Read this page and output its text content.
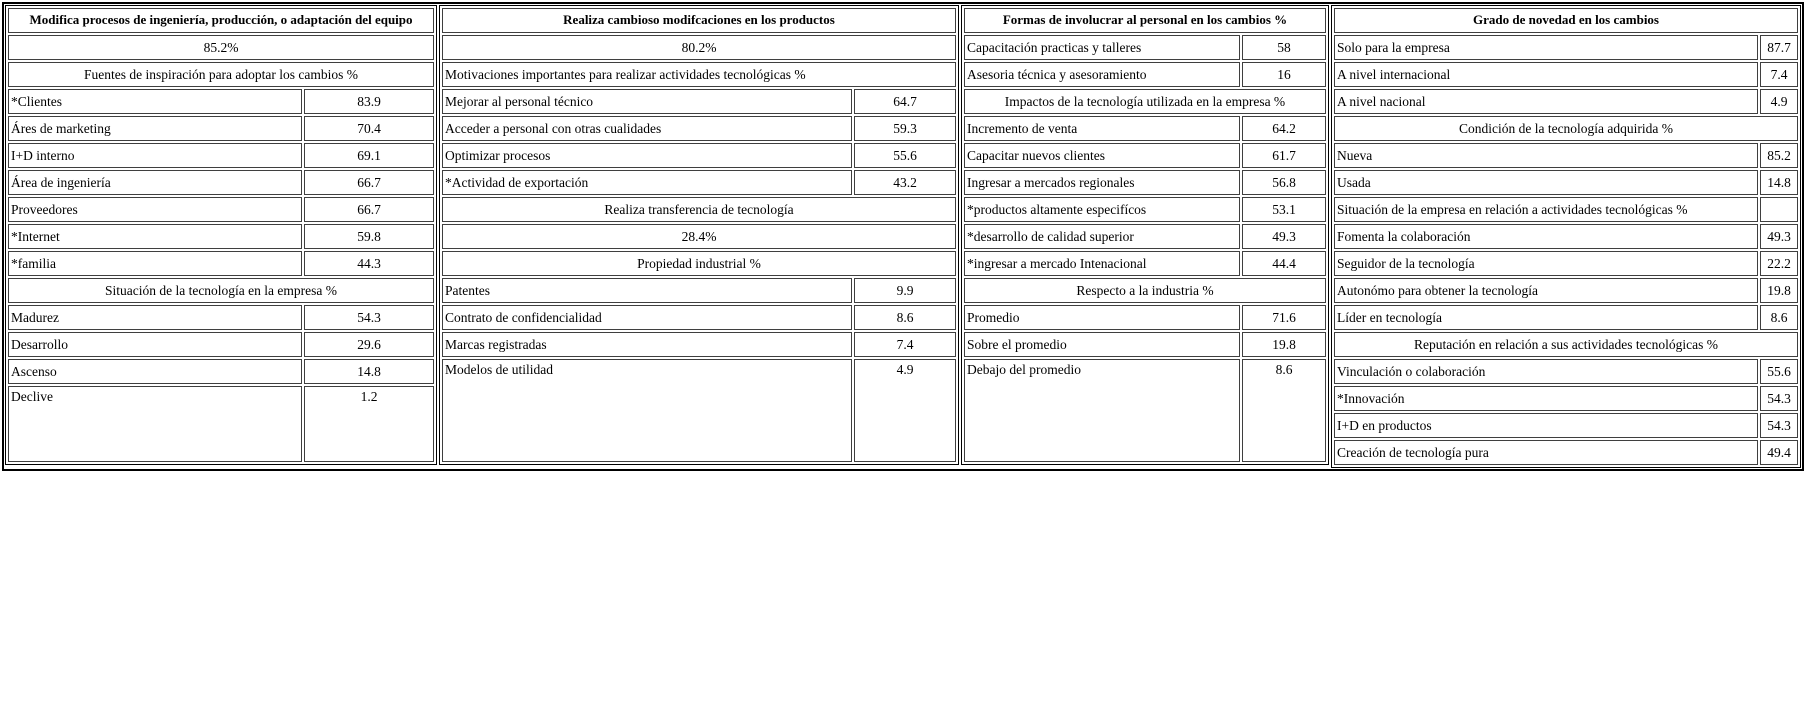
Modifica procesos de ingeniería, producción, o adaptación del equipo	
85.2%	
Fuentes de inspiración para adoptar los cambios %	
*Clientes	83.9
Áres de marketing	70.4
I+D interno	69.1
Área de ingeniería	66.7
Proveedores	66.7
*Internet	59.8
*familia	44.3
Situación de la tecnología en la empresa %	
Madurez	54.3
Desarrollo	29.6
Ascenso	14.8
Declive	1.2
Realiza cambioso modifcaciones en los productos	
80.2%	
Motivaciones importantes para realizar actividades tecnológicas %	
Mejorar al personal técnico	64.7
Acceder a personal con otras cualidades	59.3
Optimizar procesos	55.6
*Actividad de exportación	43.2
Realiza transferencia de tecnología	
28.4%	
Propiedad industrial %	
Patentes	9.9
Contrato de confidencialidad	8.6
Marcas registradas	7.4
Modelos de utilidad	4.9
Formas de involucrar al personal en los cambios %	
Capacitación practicas y talleres	58
Asesoria técnica y asesoramiento	16
Impactos de la tecnología utilizada en la empresa %	
Incremento de venta	64.2
Capacitar nuevos clientes	61.7
Ingresar a mercados regionales	56.8
*productos altamente especifícos	53.1
*desarrollo de calidad superior	49.3
*ingresar a mercado Intenacional	44.4
Respecto a la industria %	
Promedio	71.6
Sobre el promedio	19.8
Debajo del promedio	8.6
Grado de novedad en los cambios	
Solo para la empresa	87.7
A nivel internacional	7.4
A nivel nacional	4.9
Condición de la tecnología adquirida %	
Nueva	85.2
Usada	14.8
Situación de la empresa en relación a actividades tecnológicas %	
Fomenta la colaboración	49.3
Seguidor de la tecnología	22.2
Autonómo para obtener la tecnología	19.8
Líder en tecnología	8.6
Reputación en relación a sus actividades tecnológicas %	
Vinculación o colaboración	55.6
*Innovación	54.3
I+D en productos	54.3
Creación de tecnología pura	49.4
